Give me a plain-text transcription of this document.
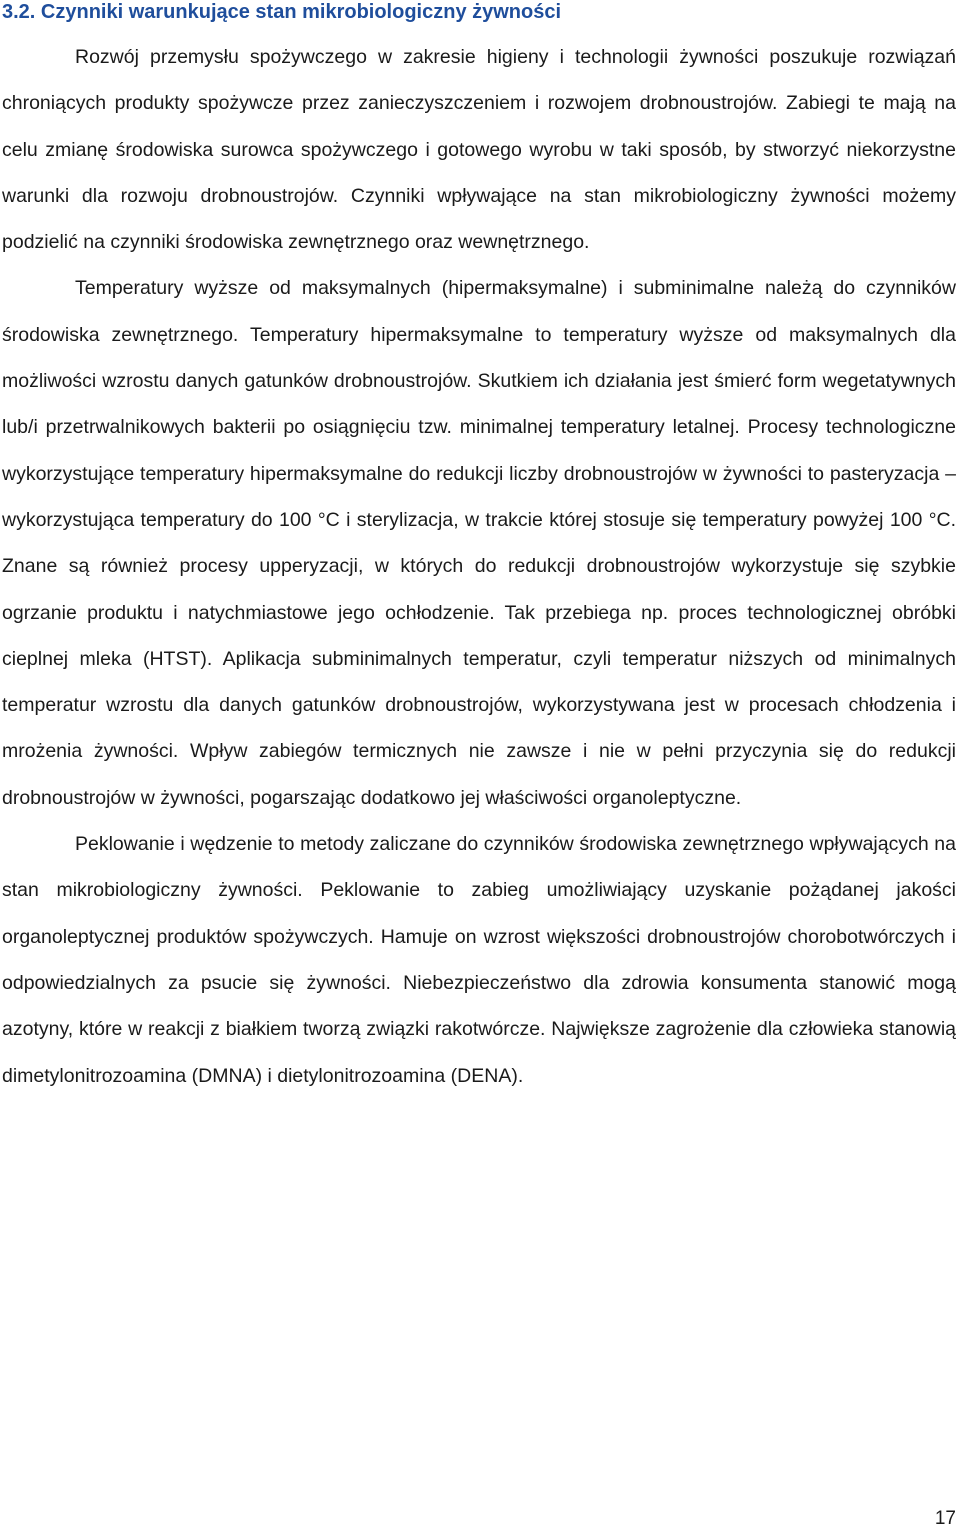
3.2. Czynniki warunkujące stan mikrobiologiczny żywności

Rozwój przemysłu spożywczego w zakresie higieny i technologii żywności poszukuje rozwiązań chroniących produkty spożywcze przez zanieczyszczeniem i rozwojem drobnoustrojów. Zabiegi te mają na celu zmianę środowiska surowca spożywczego i gotowego wyrobu w taki sposób, by stworzyć niekorzystne warunki dla rozwoju drobnoustrojów. Czynniki wpływające na stan mikrobiologiczny żywności możemy podzielić na czynniki środowiska zewnętrznego oraz wewnętrznego.

Temperatury wyższe od maksymalnych (hipermaksymalne) i subminimalne należą do czynników środowiska zewnętrznego. Temperatury hipermaksymalne to temperatury wyższe od maksymalnych dla możliwości wzrostu danych gatunków drobnoustrojów. Skutkiem ich działania jest śmierć form wegetatywnych lub/i przetrwalnikowych bakterii po osiągnięciu tzw. minimalnej temperatury letalnej. Procesy technologiczne wykorzystujące temperatury hipermaksymalne do redukcji liczby drobnoustrojów w żywności to pasteryzacja – wykorzystująca temperatury do 100 °C i sterylizacja, w trakcie której stosuje się temperatury powyżej 100 °C. Znane są również procesy upperyzacji, w których do redukcji drobnoustrojów wykorzystuje się szybkie ogrzanie produktu i natychmiastowe jego ochłodzenie. Tak przebiega np. proces technologicznej obróbki cieplnej mleka (HTST). Aplikacja subminimalnych temperatur, czyli temperatur niższych od minimalnych temperatur wzrostu dla danych gatunków drobnoustrojów, wykorzystywana jest w procesach chłodzenia i mrożenia żywności. Wpływ zabiegów termicznych nie zawsze i nie w pełni przyczynia się do redukcji drobnoustrojów w żywności, pogarszając dodatkowo jej właściwości organoleptyczne.

Peklowanie i wędzenie to metody zaliczane do czynników środowiska zewnętrznego wpływających na stan mikrobiologiczny żywności. Peklowanie to zabieg umożliwiający uzyskanie pożądanej jakości organoleptycznej produktów spożywczych. Hamuje on wzrost większości drobnoustrojów chorobotwórczych i odpowiedzialnych za psucie się żywności. Niebezpieczeństwo dla zdrowia konsumenta stanowić mogą azotyny, które w reakcji z białkiem tworzą związki rakotwórcze. Największe zagrożenie dla człowieka stanowią dimetylonitrozoamina (DMNA) i dietylonitrozoamina (DENA).

17
